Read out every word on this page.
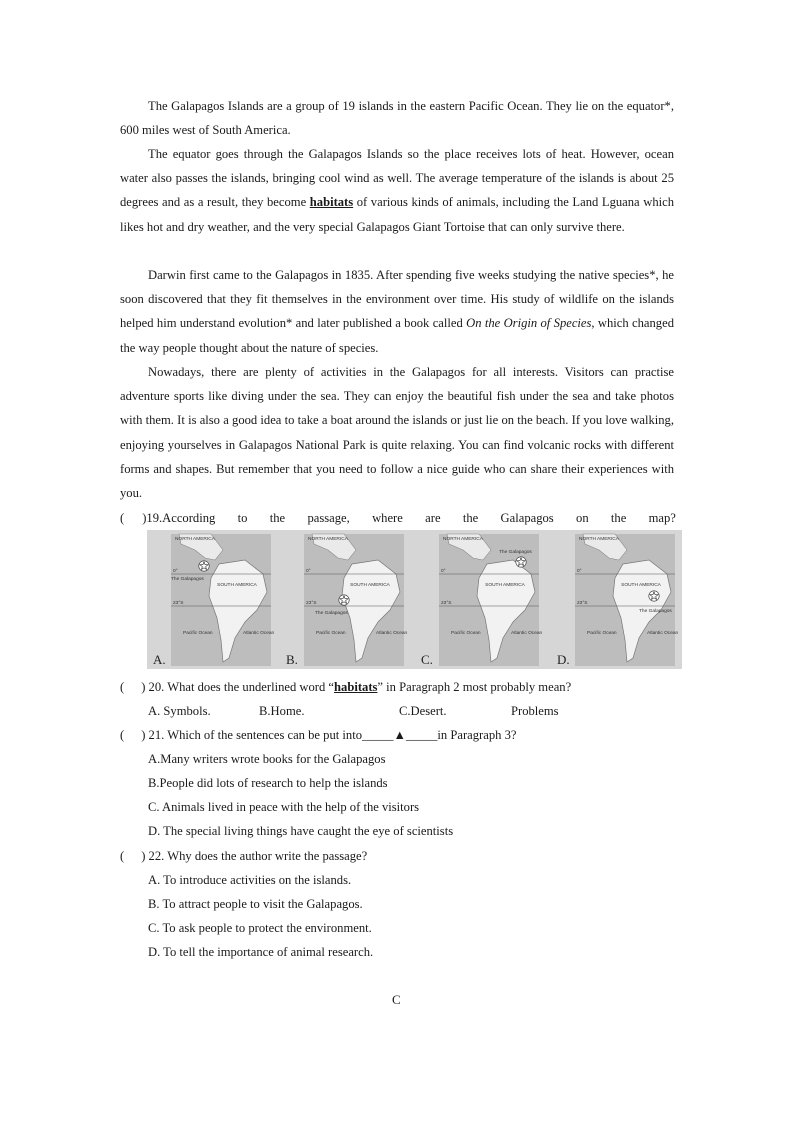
The Galapagos Islands are a group of 19 islands in the eastern Pacific Ocean. They lie on the equator*, 600 miles west of South America.

The equator goes through the Galapagos Islands so the place receives lots of heat. However, ocean water also passes the islands, bringing cool wind as well. The average temperature of the islands is about 25 degrees and as a result, they become habitats of various kinds of animals, including the Land Lguana which likes hot and dry weather, and the very special Galapagos Giant Tortoise that can only survive there.

Darwin first came to the Galapagos in 1835. After spending five weeks studying the native species*, he soon discovered that they fit themselves in the environment over time. His study of wildlife on the islands helped him understand evolution* and later published a book called On the Origin of Species, which changed the way people thought about the nature of species.

Nowadays, there are plenty of activities in the Galapagos for all interests. Visitors can practise adventure sports like diving under the sea. They can enjoy the beautiful fish under the sea and take photos with them. It is also a good idea to take a boat around the islands or just lie on the beach. If you love walking, enjoying yourselves in Galapagos National Park is quite relaxing. You can find volcanic rocks with different forms and shapes. But remember that you need to follow a nice guide who can share their experiences with you.

( ) 19.According to the passage, where are the Galapagos on the map?
0°
23°S
SOUTH AMERICA
Pacific Ocean	Atlantic Ocean
NORTH AMERICA
The Galapagos
A.
0°
23°S
SOUTH AMERICA
Pacific Ocean	Atlantic Ocean
NORTH AMERICA
The Galapagos
B.
0°
23°S
SOUTH AMERICA
Pacific Ocean	Atlantic Ocean
NORTH AMERICA
The Galapagos
C.
0°
23°S
SOUTH AMERICA
Pacific Ocean	Atlantic Ocean
NORTH AMERICA
The Galapagos
D.
( ) 20. What does the underlined word “habitats” in Paragraph 2 most probably mean?
A. Symbols.	B.Home.	C.Desert.	Problems
( ) 21. Which of the sentences can be put into_____▲_____in Paragraph 3?
A.Many writers wrote books for the Galapagos
B.People did lots of research to help the islands
C. Animals lived in peace with the help of the visitors
D. The special living things have caught the eye of scientists
( ) 22. Why does the author write the passage?
A. To introduce activities on the islands.
B. To attract people to visit the Galapagos.
C. To ask people to protect the environment.
D. To tell the importance of animal research.
C
